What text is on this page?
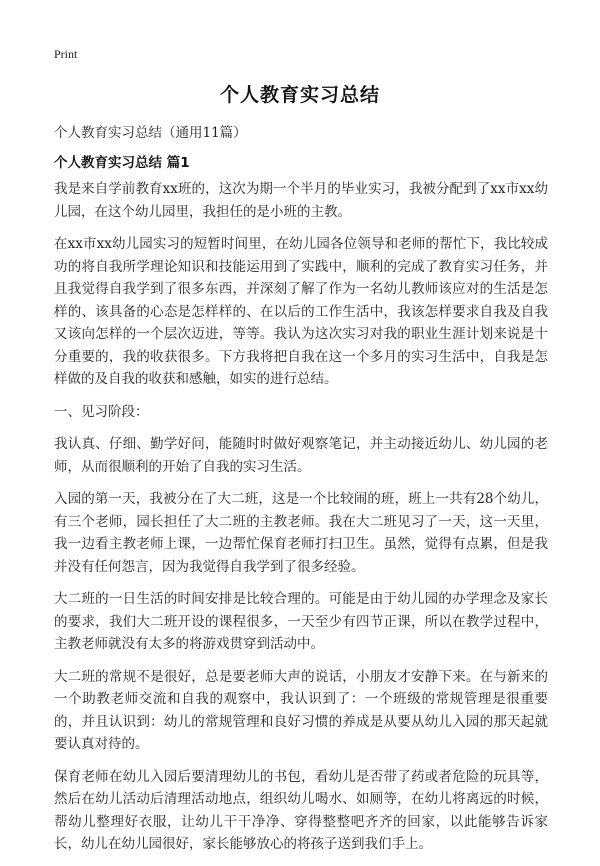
Print
个人教育实习总结
个人教育实习总结（通用11篇）
个人教育实习总结 篇1

我是来自学前教育xx班的，这次为期一个半月的毕业实习，我被分配到了xx市xx幼儿园，在这个幼儿园里，我担任的是小班的主教。

在xx市xx幼儿园实习的短暂时间里，在幼儿园各位领导和老师的帮忙下，我比较成功的将自我所学理论知识和技能运用到了实践中，顺利的完成了教育实习任务，并且我觉得自我学到了很多东西，并深刻了解了作为一名幼儿教师该应对的生活是怎样的、该具备的心态是怎样样的、在以后的工作生活中，我该怎样要求自我及自我又该向怎样的一个层次迈进，等等。我认为这次实习对我的职业生涯计划来说是十分重要的，我的收获很多。下方我将把自我在这一个多月的实习生活中，自我是怎样做的及自我的收获和感触，如实的进行总结。

一、见习阶段：

我认真、仔细、勤学好问，能随时时做好观察笔记，并主动接近幼儿、幼儿园的老师，从而很顺利的开始了自我的实习生活。

入园的第一天，我被分在了大二班，这是一个比较闹的班，班上一共有28个幼儿，有三个老师，园长担任了大二班的主教老师。我在大二班见习了一天，这一天里，我一边看主教老师上课，一边帮忙保育老师打扫卫生。虽然，觉得有点累，但是我并没有任何怨言，因为我觉得自我学到了很多经验。

大二班的一日生活的时间安排是比较合理的。可能是由于幼儿园的办学理念及家长的要求，我们大二班开设的课程很多，一天至少有四节正课，所以在教学过程中，主教老师就没有太多的将游戏贯穿到活动中。

大二班的常规不是很好，总是要老师大声的说话，小朋友才安静下来。在与新来的一个助教老师交流和自我的观察中，我认识到了：一个班级的常规管理是很重要的，并且认识到：幼儿的常规管理和良好习惯的养成是从要从幼儿入园的那天起就要认真对待的。

保育老师在幼儿入园后要清理幼儿的书包，看幼儿是否带了药或者危险的玩具等，然后在幼儿活动后清理活动地点，组织幼儿喝水、如厕等，在幼儿将离远的时候，帮幼儿整理好衣服，让幼儿干干净净、穿得整整吧齐齐的回家，以此能够告诉家长，幼儿在幼儿园很好，家长能够放心的将孩子送到我们手上。
